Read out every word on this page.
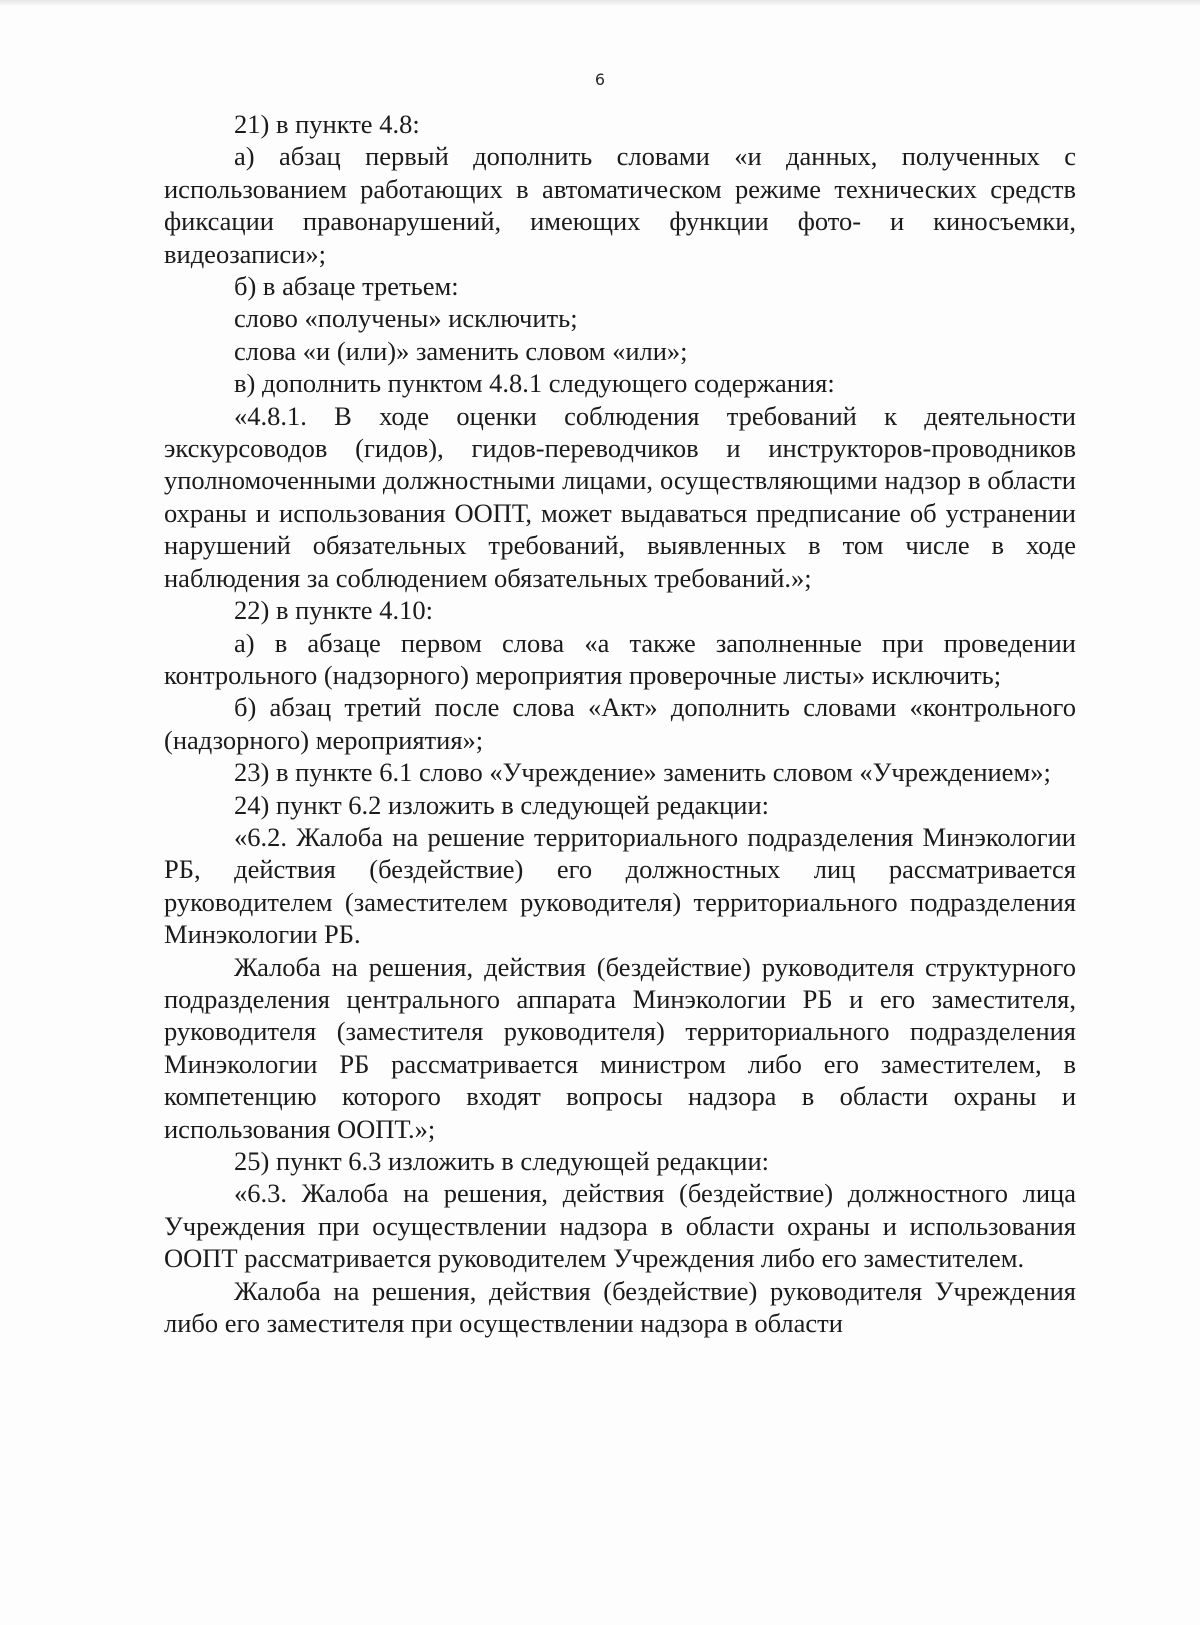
6

21) в пункте 4.8:

а) абзац первый дополнить словами «и данных, полученных с использованием работающих в автоматическом режиме технических средств фиксации правонарушений, имеющих функции фото- и киносъемки, видеозаписи»;

б) в абзаце третьем:

слово «получены» исключить;

слова «и (или)» заменить словом «или»;

в) дополнить пунктом 4.8.1 следующего содержания:

«4.8.1. В ходе оценки соблюдения требований к деятельности экскурсоводов (гидов), гидов-переводчиков и инструкторов-проводников уполномоченными должностными лицами, осуществляющими надзор в области охраны и использования ООПТ, может выдаваться предписание об устранении нарушений обязательных требований, выявленных в том числе в ходе наблюдения за соблюдением обязательных требований.»;

22) в пункте 4.10:

а) в абзаце первом слова «а также заполненные при проведении контрольного (надзорного) мероприятия проверочные листы» исключить;

б) абзац третий после слова «Акт» дополнить словами «контрольного (надзорного) мероприятия»;

23) в пункте 6.1 слово «Учреждение» заменить словом «Учреждением»;

24) пункт 6.2 изложить в следующей редакции:

«6.2. Жалоба на решение территориального подразделения Минэкологии РБ, действия (бездействие) его должностных лиц рассматривается руководителем (заместителем руководителя) территориального подразделения Минэкологии РБ.

Жалоба на решения, действия (бездействие) руководителя структурного подразделения центрального аппарата Минэкологии РБ и его заместителя, руководителя (заместителя руководителя) территориального подразделения Минэкологии РБ рассматривается министром либо его заместителем, в компетенцию которого входят вопросы надзора в области охраны и использования ООПТ.»;

25) пункт 6.3 изложить в следующей редакции:

«6.3. Жалоба на решения, действия (бездействие) должностного лица Учреждения при осуществлении надзора в области охраны и использования ООПТ рассматривается руководителем Учреждения либо его заместителем.

Жалоба на решения, действия (бездействие) руководителя Учреждения либо его заместителя при осуществлении надзора в области
